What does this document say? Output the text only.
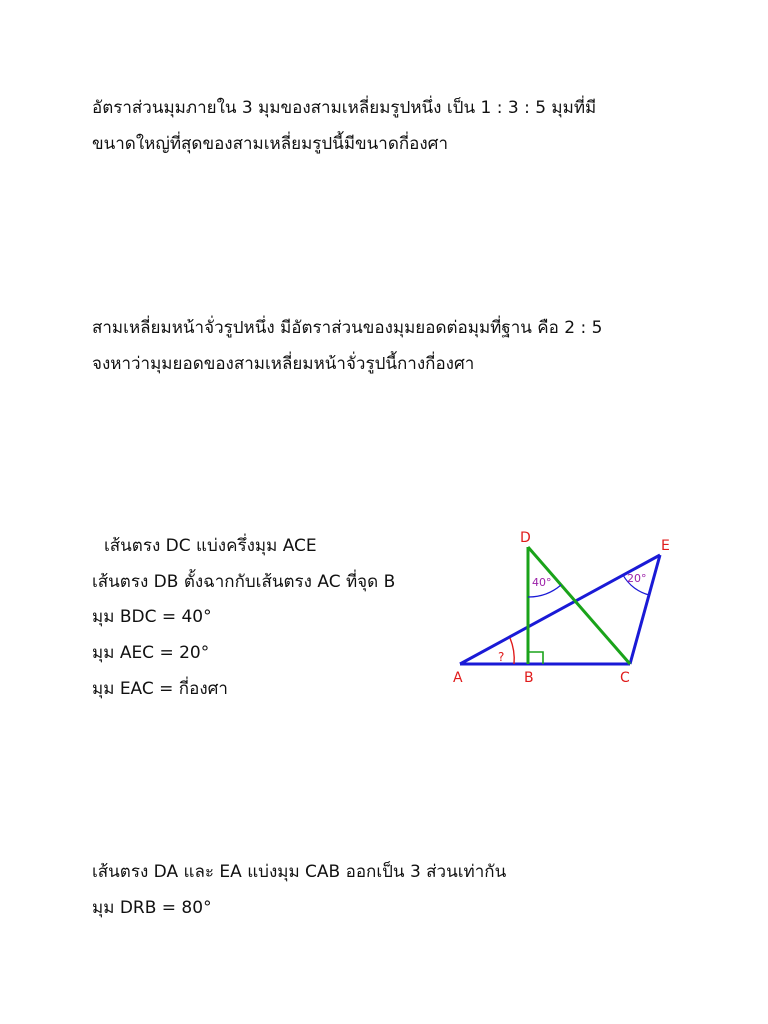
อัตราส่วนมุมภายใน 3 มุมของสามเหลี่ยมรูปหนึ่ง เป็น 1 : 3 : 5 มุมที่มี
ขนาดใหญ่ที่สุดของสามเหลี่ยมรูปนี้มีขนาดกี่องศา
สามเหลี่ยมหน้าจั่วรูปหนึ่ง มีอัตราส่วนของมุมยอดต่อมุมที่ฐาน คือ 2 : 5
จงหาว่ามุมยอดของสามเหลี่ยมหน้าจั่วรูปนี้กางกี่องศา
เส้นตรง DC แบ่งครึ่งมุม ACE
เส้นตรง DB ตั้งฉากกับเส้นตรง AC ที่จุด B
มุม BDC = 40°
มุม AEC = 20°
มุม EAC = กี่องศา
D	E
A	B	C
40°	20°
?
เส้นตรง DA และ EA แบ่งมุม CAB ออกเป็น 3 ส่วนเท่ากัน
มุม DRB = 80°
